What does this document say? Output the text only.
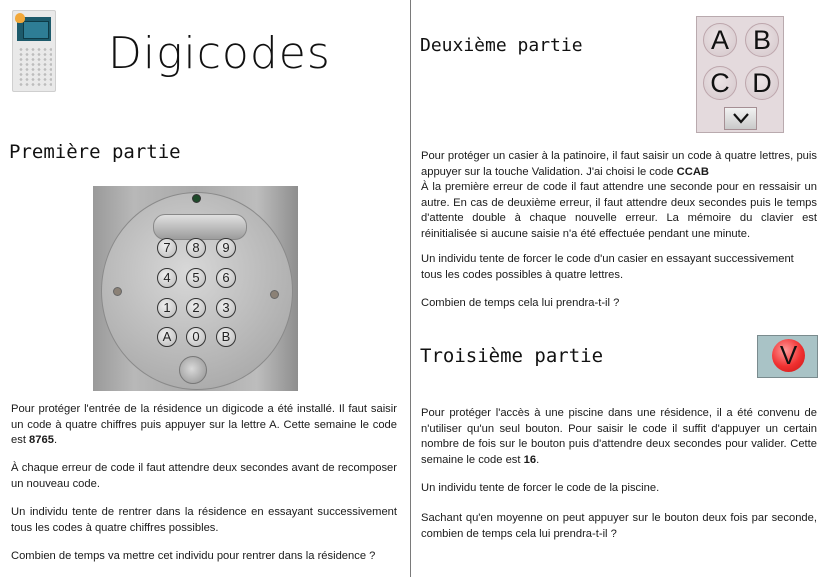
Digicodes
Première partie
7	8	9
4	5	6
1	2	3
A	0	B

Pour protéger l'entrée de la résidence un digicode a été installé. Il faut saisir un code à quatre chiffres puis appuyer sur la lettre A. Cette semaine le code est 8765.

À chaque erreur de code il faut attendre deux secondes avant de recomposer un nouveau code.

Un individu tente de rentrer dans la résidence en essayant successivement tous les codes à quatre chiffres possibles.

Combien de temps va mettre cet individu pour rentrer dans la résidence ?

Deuxième partie	A B
C D

Pour protéger un casier à la patinoire, il faut saisir un code à quatre lettres, puis appuyer sur la touche Validation. J'ai choisi le code CCAB

À la première erreur de code il faut attendre une seconde pour en ressaisir un autre. En cas de deuxième erreur, il faut attendre deux secondes puis le temps d'attente double à chaque nouvelle erreur. La mémoire du clavier est réinitialisée si aucune saisie n'a été effectuée pendant une minute.

Un individu tente de forcer le code d'un casier en essayant successivement tous les codes possibles à quatre lettres.

Combien de temps cela lui prendra-t-il ?

Troisième partie	V

Pour protéger l'accès à une piscine dans une résidence, il a été convenu de n'utiliser qu'un seul bouton. Pour saisir le code il suffit d'appuyer un certain nombre de fois sur le bouton puis d'attendre deux secondes pour valider. Cette semaine le code est 16.

Un individu tente de forcer le code de la piscine.

Sachant qu'en moyenne on peut appuyer sur le bouton deux fois par seconde, combien de temps cela lui prendra-t-il ?
